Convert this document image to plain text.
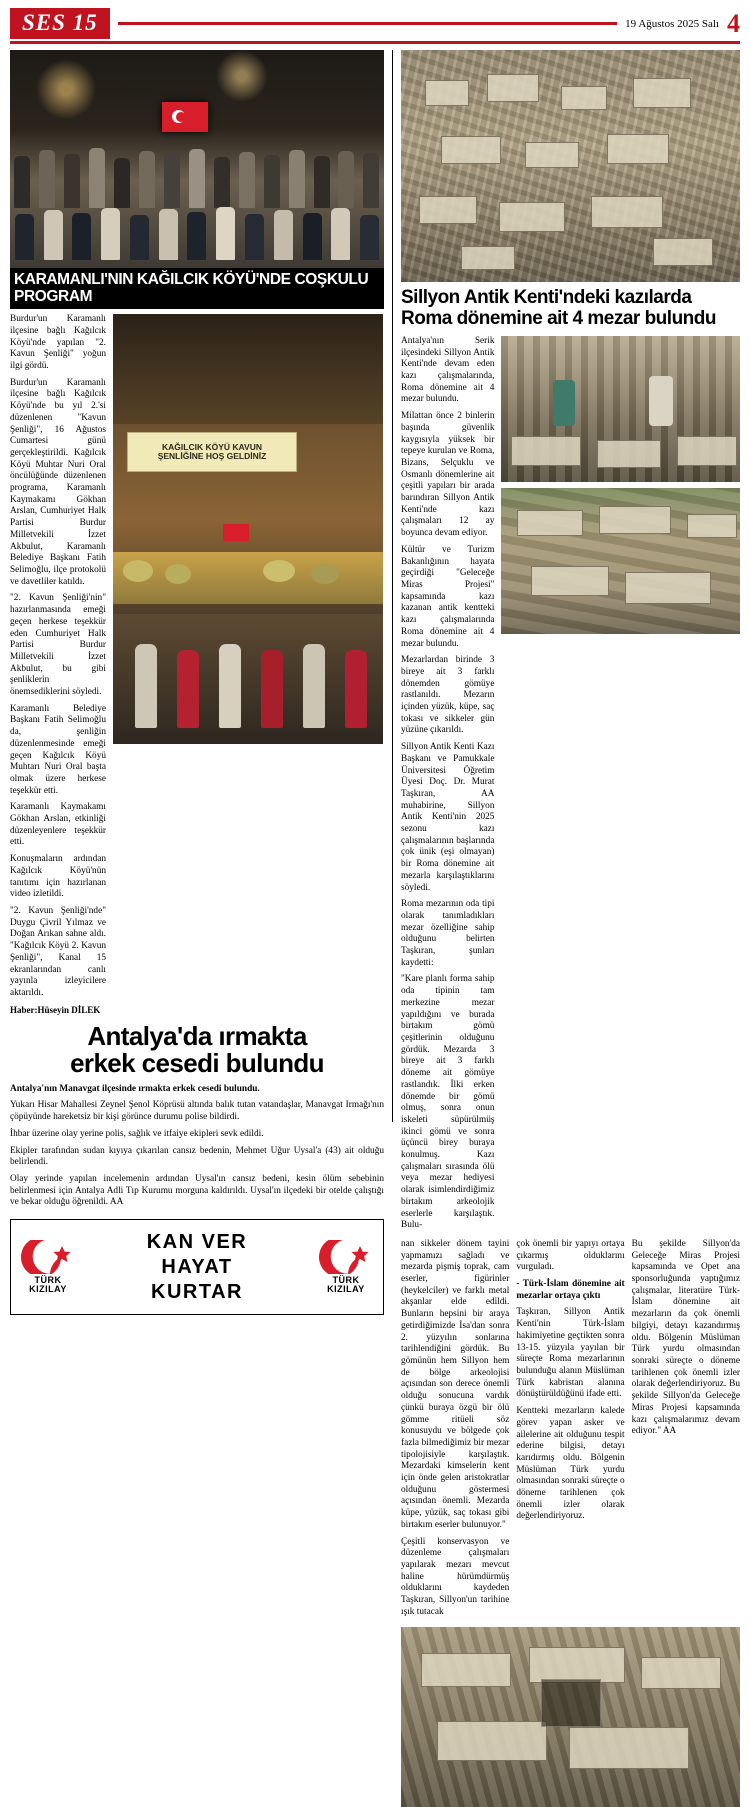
SES 15	19 Ağustos 2025 Salı 4
KARAMANLI'NIN KAĞILCIK KÖYÜ'NDE COŞKULU PROGRAM

Burdur'un Karamanlı ilçesine bağlı Kağılcık Köyü'nde yapılan "2. Kavun Şenliği" yoğun ilgi gördü.

Burdur'un Karamanlı ilçesine bağlı Kağılcık Köyü'nde bu yıl 2.'si düzenlenen "Kavun Şenliği", 16 Ağustos Cumartesi günü gerçekleştirildi. Kağılcık Köyü Muhtar Nuri Oral öncülüğünde düzenlenen programa, Karamanlı Kaymakamı Gökhan Arslan, Cumhuriyet Halk Partisi Burdur Milletvekili İzzet Akbulut, Karamanlı Belediye Başkanı Fatih Selimoğlu, ilçe protokolü ve davetliler katıldı.

"2. Kavun Şenliği'nin" hazırlanmasında emeği geçen herkese teşekkür eden Cumhuriyet Halk Partisi Burdur Milletvekili İzzet Akbulut, bu gibi şenliklerin önemsediklerini söyledi.

Karamanlı Belediye Başkanı Fatih Selimoğlu da, şenliğin düzenlenmesinde emeği geçen Kağılcık Köyü Muhtarı Nuri Oral başta olmak üzere herkese teşekkür etti.

Karamanlı Kaymakamı Gökhan Arslan, etkinliği düzenleyenlere teşekkür etti.

Konuşmaların ardından Kağılcık Köyü'nün tanıtımı için hazırlanan video izletildi.

"2. Kavun Şenliği'nde" Duygu Çivril Yılmaz ve Doğan Arıkan sahne aldı. "Kağılcık Köyü 2. Kavun Şenliği", Kanal 15 ekranlarından canlı yayınla izleyicilere aktarıldı.

Haber:Hüseyin DİLEK
KAĞILCIK KÖYÜ KAVUN
ŞENLİĞİNE HOŞ GELDİNİZ
Antalya'da ırmakta
erkek cesedi bulundu

Antalya'nın Manavgat ilçesinde ırmakta erkek cesedi bulundu.

Yukarı Hisar Mahallesi Zeynel Şenol Köprüsü altında balık tutan vatandaşlar, Manavgat Irmağı'nın çöpüyünde hareketsiz bir kişi görünce durumu polise bildirdi.

İhbar üzerine olay yerine polis, sağlık ve itfaiye ekipleri sevk edildi.

Ekipler tarafından sudan kıyıya çıkarılan cansız bedenin, Mehmet Uğur Uysal'a (43) ait olduğu belirlendi.

Olay yerinde yapılan incelemenin ardından Uysal'ın cansız bedeni, kesin ölüm sebebinin belirlenmesi için Antalya Adli Tıp Kurumu morguna kaldırıldı. Uysal'ın ilçedeki bir otelde çalıştığı ve bekar olduğu öğrenildi. AA

TÜRK
KIZILAY
KAN VER
HAYAT
KURTAR
TÜRK
KIZILAY
Sillyon Antik Kenti'ndeki kazılarda
Roma dönemine ait 4 mezar bulundu

Antalya'nın Serik ilçesindeki Sillyon Antik Kenti'nde devam eden kazı çalışmalarında, Roma dönemine ait 4 mezar bulundu.

Milattan önce 2 binlerin başında güvenlik kaygısıyla yüksek bir tepeye kurulan ve Roma, Bizans, Selçuklu ve Osmanlı dönemlerine ait çeşitli yapıları bir arada barındıran Sillyon Antik Kenti'nde kazı çalışmaları 12 ay boyunca devam ediyor.

Kültür ve Turizm Bakanlığının hayata geçirdiği "Geleceğe Miras Projesi" kapsamında kazı kazanan antik kentteki kazı çalışmalarında Roma dönemine ait 4 mezar bulundu.

Mezarlardan birinde 3 bireye ait 3 farklı dönemden gömüye rastlanıldı. Mezarın içinden yüzük, küpe, saç tokası ve sikkeler gün yüzüne çıkarıldı.

Sillyon Antik Kenti Kazı Başkanı ve Pamukkale Üniversitesi Öğretim Üyesi Doç. Dr. Murat Taşkıran, AA muhabirine, Sillyon Antik Kenti'nin 2025 sezonu kazı çalışmalarının başlarında çok ünik (eşi olmayan) bir Roma dönemine ait mezarla karşılaştıklarını söyledi.

Roma mezarının oda tipi olarak tanımladıkları mezar özelliğine sahip olduğunu belirten Taşkıran, şunları kaydetti:

"Kare planlı forma sahip oda tipinin tam merkezine mezar yapıldığını ve burada birtakım gömü çeşitlerinin olduğunu gördük. Mezarda 3 bireye ait 3 farklı döneme ait gömüye rastlandık. İlki erken dönemde bir gömü olmuş, sonra onun iskeleti süpürülmüş ikinci gömü ve sonra üçüncü birey buraya konulmuş. Kazı çalışmaları sırasında ölü veya mezar hediyesi olarak isimlendirdiğimiz birtakım arkeolojik eserlerle karşılaştık. Bulu-

nan sikkeler dönem tayini yapmamızı sağladı ve mezarda pişmiş toprak, cam eserler, figürinler (heykelciler) ve farklı metal akşanlar elde edildi. Bunların hepsini bir araya getirdiğimizde İsa'dan sonra 2. yüzyılın sonlarına tarihlendiğini gördük. Bu gömünün hem Sillyon hem de bölge arkeolojisi açısından son derece önemli olduğu sonucuna vardık çünkü buraya özgü bir ölü gömme ritüeli söz konusuydu ve bölgede çok fazla bilmediğimiz bir mezar tipolojisiyle karşılaştık. Mezardaki kimselerin kent için önde gelen aristokratlar olduğunu göstermesi açısından önemli. Mezarda küpe, yüzük, saç tokası gibi birtakım eserler bulunuyor."

Çeşitli konservasyon ve düzenleme çalışmaları yapılarak mezarı mevcut haline hürümdürmüş olduklarını kaydeden Taşkıran, Sillyon'un tarihine ışık tutacak

çok önemli bir yapıyı ortaya çıkarmış olduklarını vurguladı.

- Türk-İslam dönemine ait mezarlar ortaya çıktı

Taşkıran, Sillyon Antik Kenti'nin Türk-İslam hakimiyetine geçtikten sonra 13-15. yüzyıla yayılan bir süreçte Roma mezarlarının bulunduğu alanın Müslüman Türk kabristan alanına dönüştürüldüğünü ifade etti.

Kentteki mezarların kalede görev yapan asker ve ailelerine ait olduğunu tespit ederine bilgisi, detayı karıdırmış oldu. Bölgenin Müslüman Türk yurdu olmasından sonraki süreçte o döneme tarihlenen çok önemli izler olarak değerlendiriyoruz.

Bu şekilde Sillyon'da Geleceğe Miras Projesi kapsamında ve Opet ana sponsorluğunda yaptığımız çalışmalar, literatüre Türk-İslam dönemine ait mezarların da çok önemli bilgiyi, detayı kazandırmış oldu. Bölgenin Müslüman Türk yurdu olmasından sonraki süreçte o döneme tarihlenen çok önemli izler olarak değerlendiriyoruz. Bu şekilde Sillyon'da Geleceğe Miras Projesi kapsamında kazı çalışmalarımız devam ediyor." AA
